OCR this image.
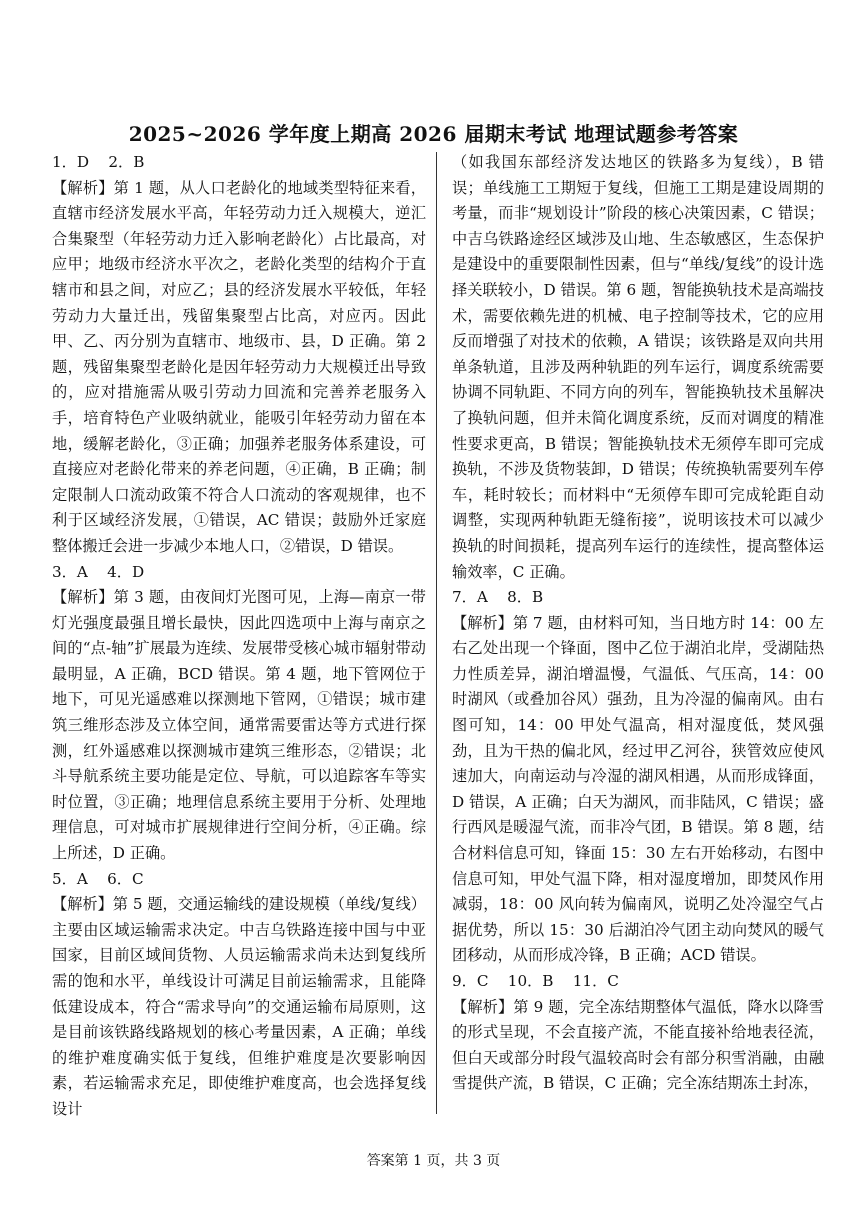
2025~2026 学年度上期高 2026 届期末考试 地理试题参考答案

1．D    2．B

【解析】第 1 题，从人口老龄化的地域类型特征来看，直辖市经济发展水平高，年轻劳动力迁入规模大，逆汇合集聚型（年轻劳动力迁入影响老龄化）占比最高，对应甲；地级市经济水平次之，老龄化类型的结构介于直辖市和县之间，对应乙；县的经济发展水平较低，年轻劳动力大量迁出，残留集聚型占比高，对应丙。因此甲、乙、丙分别为直辖市、地级市、县，D 正确。第 2 题，残留集聚型老龄化是因年轻劳动力大规模迁出导致的，应对措施需从吸引劳动力回流和完善养老服务入手，培育特色产业吸纳就业，能吸引年轻劳动力留在本地，缓解老龄化，③正确；加强养老服务体系建设，可直接应对老龄化带来的养老问题，④正确，B 正确；制定限制人口流动政策不符合人口流动的客观规律，也不利于区域经济发展，①错误，AC 错误；鼓励外迁家庭整体搬迁会进一步减少本地人口，②错误，D 错误。

3．A    4．D

【解析】第 3 题，由夜间灯光图可见，上海—南京一带灯光强度最强且增长最快，因此四选项中上海与南京之间的“点-轴”扩展最为连续、发展带受核心城市辐射带动最明显，A 正确，BCD 错误。第 4 题，地下管网位于地下，可见光遥感难以探测地下管网，①错误；城市建筑三维形态涉及立体空间，通常需要雷达等方式进行探测，红外遥感难以探测城市建筑三维形态，②错误；北斗导航系统主要功能是定位、导航，可以追踪客车等实时位置，③正确；地理信息系统主要用于分析、处理地理信息，可对城市扩展规律进行空间分析，④正确。综上所述，D 正确。

5．A    6．C

【解析】第 5 题，交通运输线的建设规模（单线/复线）主要由区域运输需求决定。中吉乌铁路连接中国与中亚国家，目前区域间货物、人员运输需求尚未达到复线所需的饱和水平，单线设计可满足目前运输需求，且能降低建设成本，符合“需求导向”的交通运输布局原则，这是目前该铁路线路规划的核心考量因素，A 正确；单线的维护难度确实低于复线，但维护难度是次要影响因素，若运输需求充足，即使维护难度高，也会选择复线设计

（如我国东部经济发达地区的铁路多为复线），B 错误；单线施工工期短于复线，但施工工期是建设周期的考量，而非“规划设计”阶段的核心决策因素，C 错误；中吉乌铁路途经区域涉及山地、生态敏感区，生态保护是建设中的重要限制性因素，但与“单线/复线”的设计选择关联较小，D 错误。第 6 题，智能换轨技术是高端技术，需要依赖先进的机械、电子控制等技术，它的应用反而增强了对技术的依赖，A 错误；该铁路是双向共用单条轨道，且涉及两种轨距的列车运行，调度系统需要协调不同轨距、不同方向的列车，智能换轨技术虽解决了换轨问题，但并未简化调度系统，反而对调度的精准性要求更高，B 错误；智能换轨技术无须停车即可完成换轨，不涉及货物装卸，D 错误；传统换轨需要列车停车，耗时较长；而材料中“无须停车即可完成轮距自动调整，实现两种轨距无缝衔接”，说明该技术可以减少换轨的时间损耗，提高列车运行的连续性，提高整体运输效率，C 正确。

7．A    8．B

【解析】第 7 题，由材料可知，当日地方时 14：00 左右乙处出现一个锋面，图中乙位于湖泊北岸，受湖陆热力性质差异，湖泊增温慢，气温低、气压高，14：00 时湖风（或叠加谷风）强劲，且为冷湿的偏南风。由右图可知，14：00 甲处气温高，相对湿度低，焚风强劲，且为干热的偏北风，经过甲乙河谷，狭管效应使风速加大，向南运动与冷湿的湖风相遇，从而形成锋面，D 错误，A 正确；白天为湖风，而非陆风，C 错误；盛行西风是暖湿气流，而非冷气团，B 错误。第 8 题，结合材料信息可知，锋面 15：30 左右开始移动，右图中信息可知，甲处气温下降，相对湿度增加，即焚风作用减弱，18：00 风向转为偏南风，说明乙处冷湿空气占据优势，所以 15：30 后湖泊冷气团主动向焚风的暖气团移动，从而形成冷锋，B 正确；ACD 错误。

9．C    10．B    11．C

【解析】第 9 题，完全冻结期整体气温低，降水以降雪的形式呈现，不会直接产流，不能直接补给地表径流，但白天或部分时段气温较高时会有部分积雪消融，由融雪提供产流，B 错误，C 正确；完全冻结期冻土封冻，

答案第 1 页，共 3 页
